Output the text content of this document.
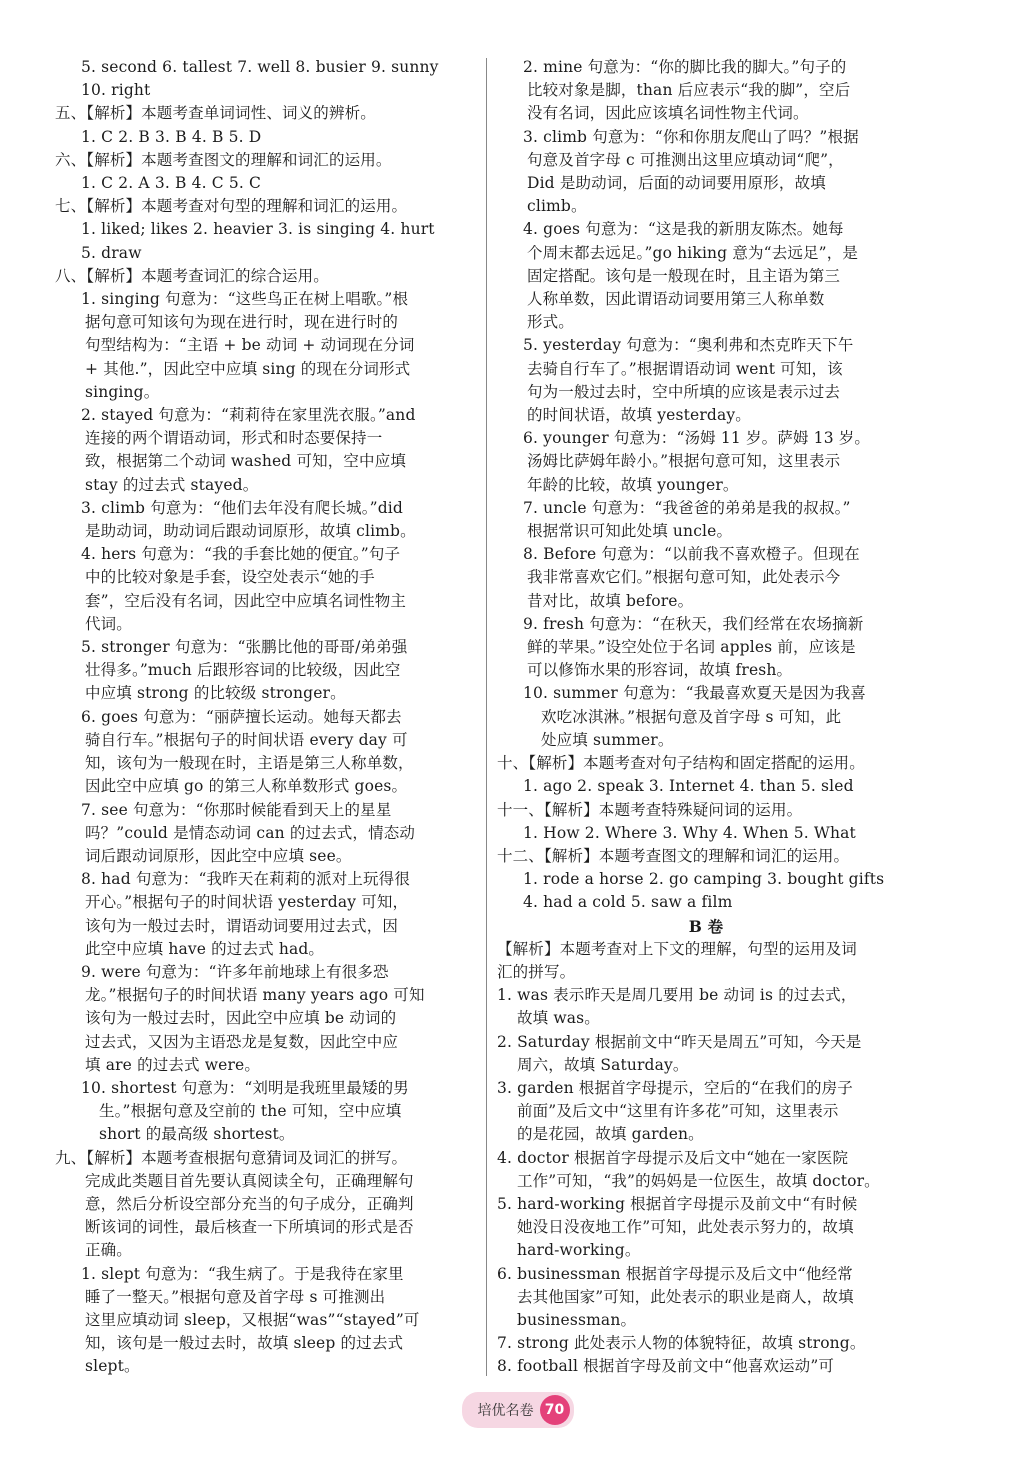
5. second 6. tallest 7. well 8. busier 9. sunny
10. right
五、【解析】本题考查单词词性、词义的辨析。
1. C 2. B 3. B 4. B 5. D
六、【解析】本题考查图文的理解和词汇的运用。
1. C 2. A 3. B 4. C 5. C
七、【解析】本题考查对句型的理解和词汇的运用。
1. liked; likes 2. heavier 3. is singing 4. hurt
5. draw
八、【解析】本题考查词汇的综合运用。
1. singing 句意为：“这些鸟正在树上唱歌。”根
据句意可知该句为现在进行时，现在进行时的
句型结构为：“主语 + be 动词 + 动词现在分词
+ 其他.”，因此空中应填 sing 的现在分词形式
singing。
2. stayed 句意为：“莉莉待在家里洗衣服。”and
连接的两个谓语动词，形式和时态要保持一
致，根据第二个动词 washed 可知，空中应填
stay 的过去式 stayed。
3. climb 句意为：“他们去年没有爬长城。”did
是助动词，助动词后跟动词原形，故填 climb。
4. hers 句意为：“我的手套比她的便宜。”句子
中的比较对象是手套，设空处表示“她的手
套”，空后没有名词，因此空中应填名词性物主
代词。
5. stronger 句意为：“张鹏比他的哥哥/弟弟强
壮得多。”much 后跟形容词的比较级，因此空
中应填 strong 的比较级 stronger。
6. goes 句意为：“丽萨擅长运动。她每天都去
骑自行车。”根据句子的时间状语 every day 可
知，该句为一般现在时，主语是第三人称单数，
因此空中应填 go 的第三人称单数形式 goes。
7. see 句意为：“你那时候能看到天上的星星
吗？”could 是情态动词 can 的过去式，情态动
词后跟动词原形，因此空中应填 see。
8. had 句意为：“我昨天在莉莉的派对上玩得很
开心。”根据句子的时间状语 yesterday 可知，
该句为一般过去时，谓语动词要用过去式，因
此空中应填 have 的过去式 had。
9. were 句意为：“许多年前地球上有很多恐
龙。”根据句子的时间状语 many years ago 可知
该句为一般过去时，因此空中应填 be 动词的
过去式，又因为主语恐龙是复数，因此空中应
填 are 的过去式 were。
10. shortest 句意为：“刘明是我班里最矮的男
生。”根据句意及空前的 the 可知，空中应填
short 的最高级 shortest。
九、【解析】本题考查根据句意猜词及词汇的拼写。
完成此类题目首先要认真阅读全句，正确理解句
意，然后分析设空部分充当的句子成分，正确判
断该词的词性，最后核查一下所填词的形式是否
正确。
1. slept 句意为：“我生病了。于是我待在家里
睡了一整天。”根据句意及首字母 s 可推测出
这里应填动词 sleep，又根据“was”“stayed”可
知，该句是一般过去时，故填 sleep 的过去式
slept。
2. mine 句意为：“你的脚比我的脚大。”句子的
比较对象是脚，than 后应表示“我的脚”，空后
没有名词，因此应该填名词性物主代词。
3. climb 句意为：“你和你朋友爬山了吗？”根据
句意及首字母 c 可推测出这里应填动词“爬”，
Did 是助动词，后面的动词要用原形，故填
climb。
4. goes 句意为：“这是我的新朋友陈杰。她每
个周末都去远足。”go hiking 意为“去远足”，是
固定搭配。该句是一般现在时，且主语为第三
人称单数，因此谓语动词要用第三人称单数
形式。
5. yesterday 句意为：“奥利弗和杰克昨天下午
去骑自行车了。”根据谓语动词 went 可知，该
句为一般过去时，空中所填的应该是表示过去
的时间状语，故填 yesterday。
6. younger 句意为：“汤姆 11 岁。萨姆 13 岁。
汤姆比萨姆年龄小。”根据句意可知，这里表示
年龄的比较，故填 younger。
7. uncle 句意为：“我爸爸的弟弟是我的叔叔。”
根据常识可知此处填 uncle。
8. Before 句意为：“以前我不喜欢橙子。但现在
我非常喜欢它们。”根据句意可知，此处表示今
昔对比，故填 before。
9. fresh 句意为：“在秋天，我们经常在农场摘新
鲜的苹果。”设空处位于名词 apples 前，应该是
可以修饰水果的形容词，故填 fresh。
10. summer 句意为：“我最喜欢夏天是因为我喜
欢吃冰淇淋。”根据句意及首字母 s 可知，此
处应填 summer。
十、【解析】本题考查对句子结构和固定搭配的运用。
1. ago 2. speak 3. Internet 4. than 5. sled
十一、【解析】本题考查特殊疑问词的运用。
1. How 2. Where 3. Why 4. When 5. What
十二、【解析】本题考查图文的理解和词汇的运用。
1. rode a horse 2. go camping 3. bought gifts
4. had a cold 5. saw a film
B 卷
【解析】本题考查对上下文的理解，句型的运用及词
汇的拼写。
1. was 表示昨天是周几要用 be 动词 is 的过去式，
故填 was。
2. Saturday 根据前文中“昨天是周五”可知，今天是
周六，故填 Saturday。
3. garden 根据首字母提示，空后的“在我们的房子
前面”及后文中“这里有许多花”可知，这里表示
的是花园，故填 garden。
4. doctor 根据首字母提示及后文中“她在一家医院
工作”可知，“我”的妈妈是一位医生，故填 doctor。
5. hard-working 根据首字母提示及前文中“有时候
她没日没夜地工作”可知，此处表示努力的，故填
hard-working。
6. businessman 根据首字母提示及后文中“他经常
去其他国家”可知，此处表示的职业是商人，故填
businessman。
7. strong 此处表示人物的体貌特征，故填 strong。
8. football 根据首字母及前文中“他喜欢运动”可
培优名卷 70
